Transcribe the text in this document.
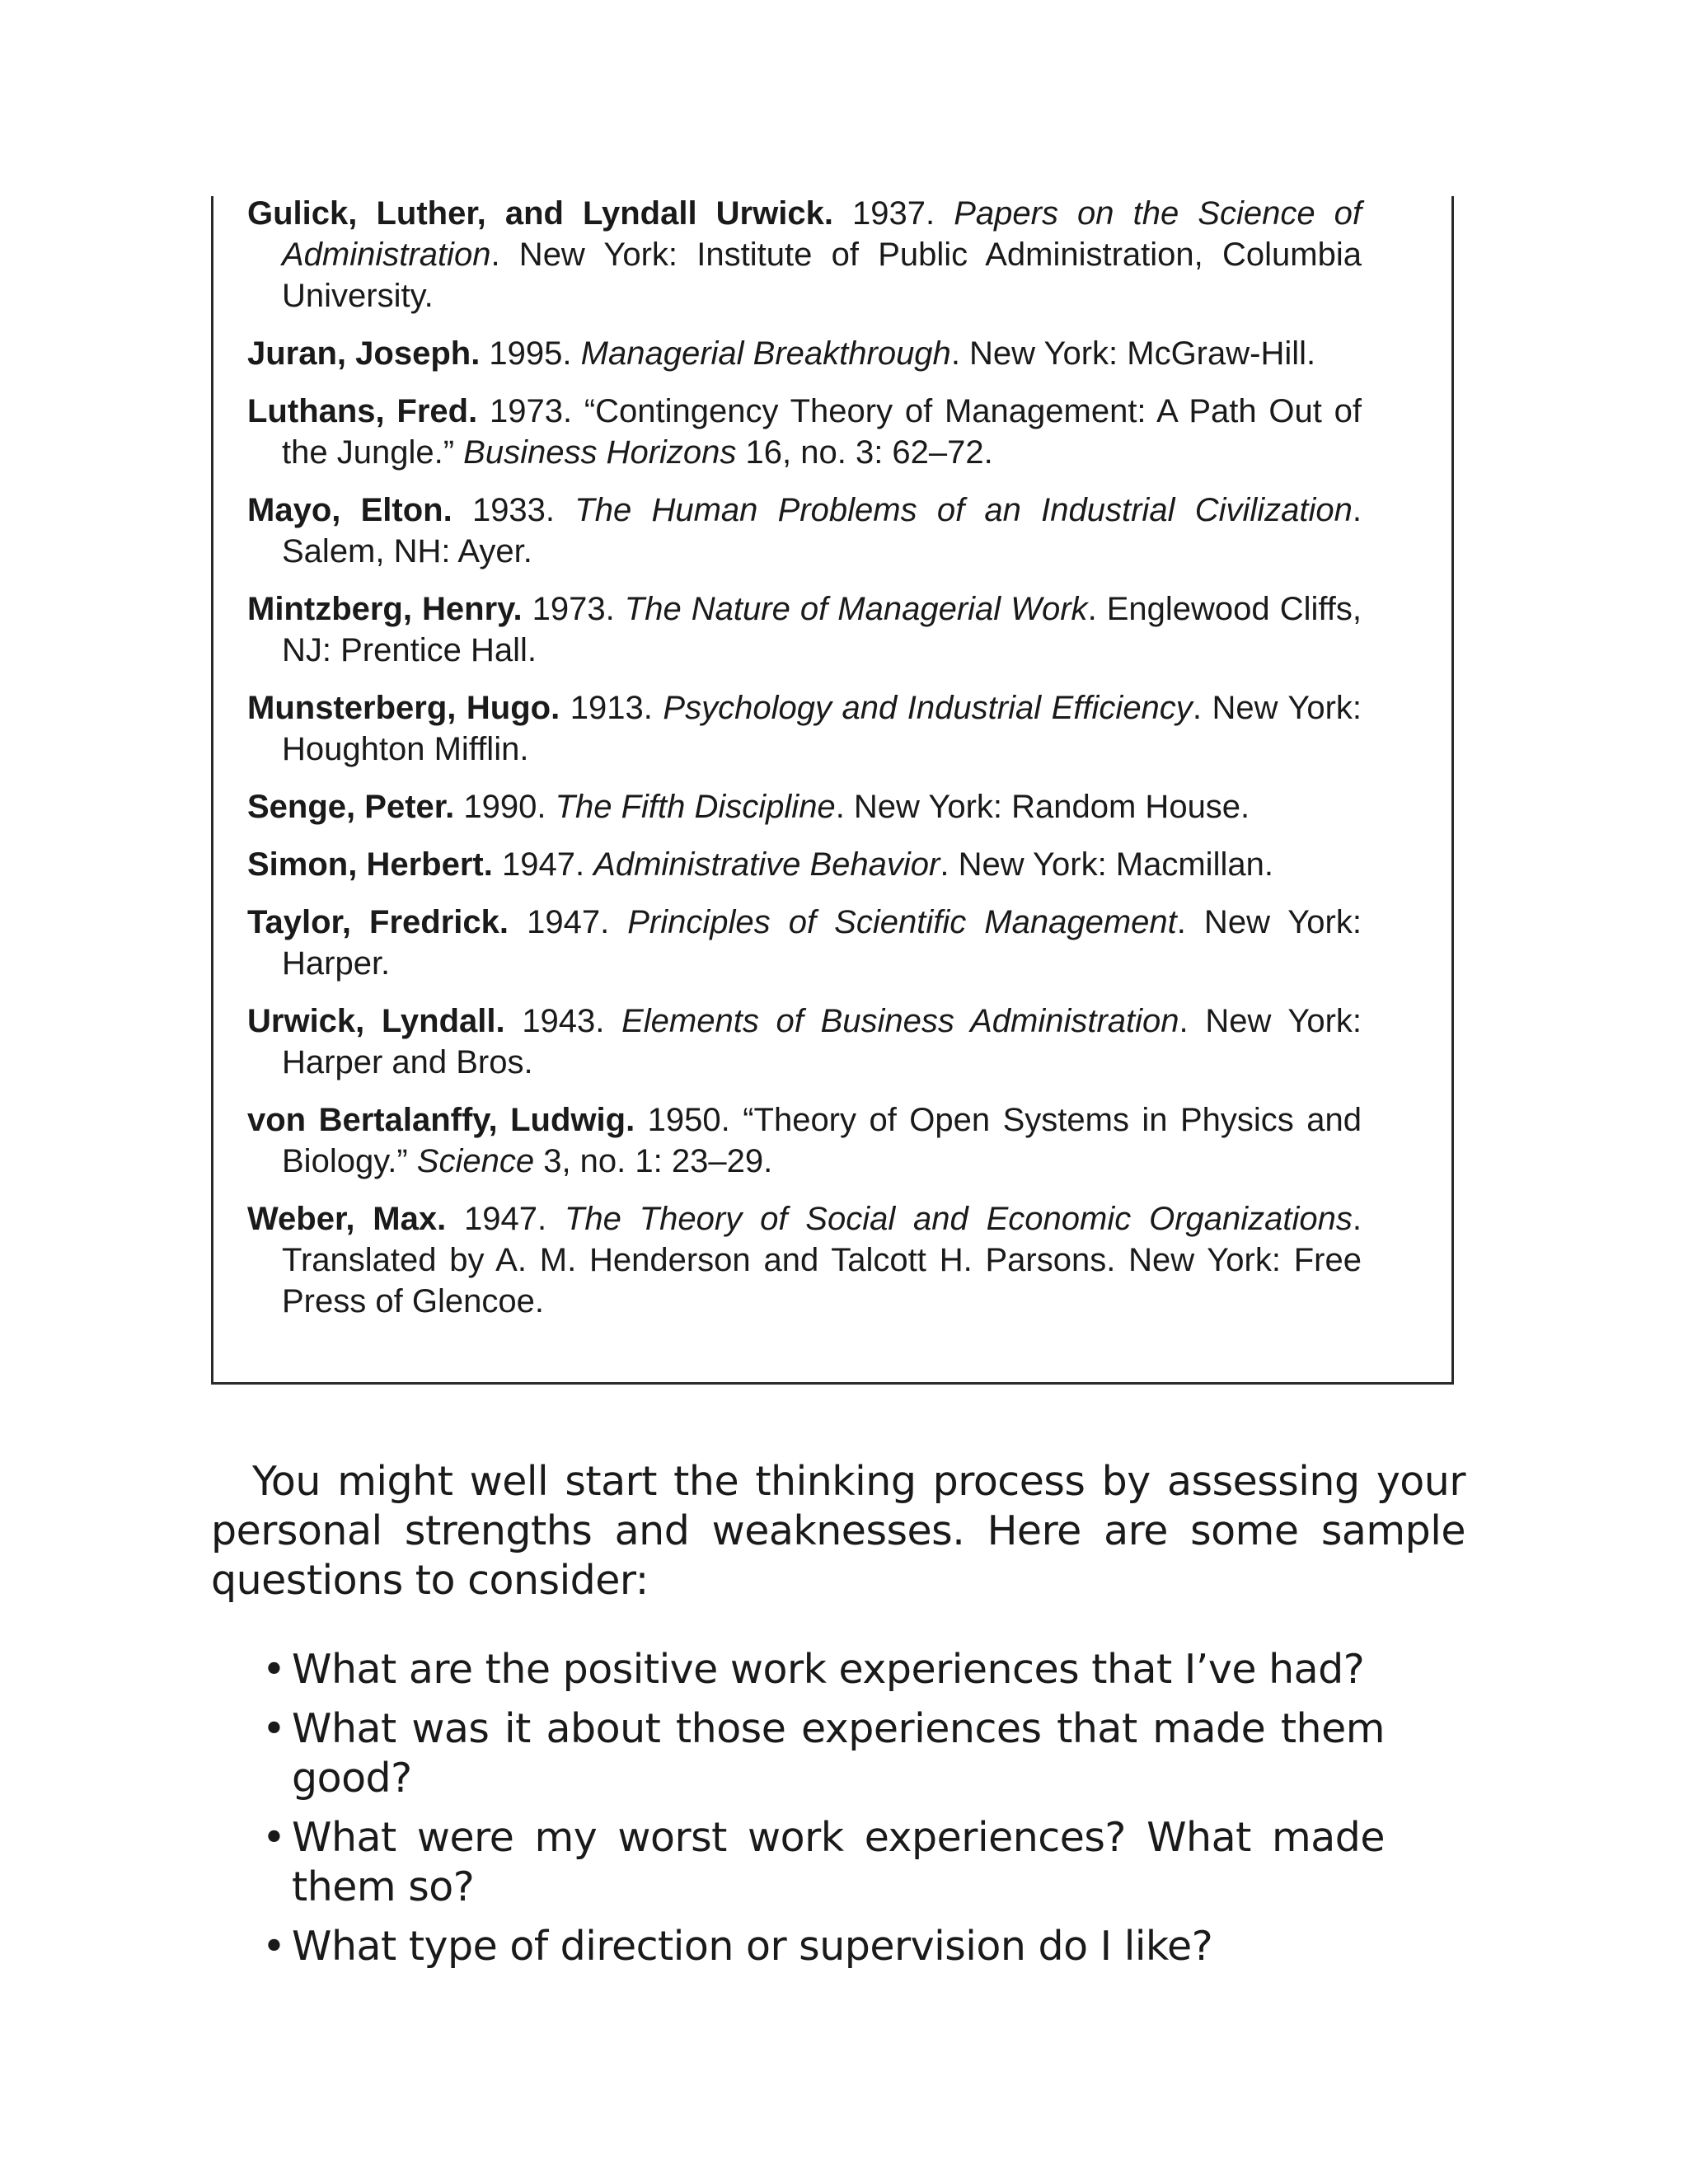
Gulick, Luther, and Lyndall Urwick. 1937. Papers on the Science of Administration. New York: Institute of Public Administration, Columbia University.
Juran, Joseph. 1995. Managerial Breakthrough. New York: McGraw-Hill.
Luthans, Fred. 1973. “Contingency Theory of Management: A Path Out of the Jungle.” Business Horizons 16, no. 3: 62–72.
Mayo, Elton. 1933. The Human Problems of an Industrial Civilization. Salem, NH: Ayer.
Mintzberg, Henry. 1973. The Nature of Managerial Work. Englewood Cliffs, NJ: Prentice Hall.
Munsterberg, Hugo. 1913. Psychology and Industrial Efficiency. New York: Houghton Mifflin.
Senge, Peter. 1990. The Fifth Discipline. New York: Random House.
Simon, Herbert. 1947. Administrative Behavior. New York: Macmillan.
Taylor, Fredrick. 1947. Principles of Scientific Management. New York: Harper.
Urwick, Lyndall. 1943. Elements of Business Administration. New York: Harper and Bros.
von Bertalanffy, Ludwig. 1950. “Theory of Open Systems in Physics and Biology.” Science 3, no. 1: 23–29.
Weber, Max. 1947. The Theory of Social and Economic Organizations. Translated by A. M. Henderson and Talcott H. Parsons. New York: Free Press of Glencoe.

You might well start the thinking process by assessing your personal strengths and weaknesses. Here are some sample questions to consider:

• What are the positive work experiences that I’ve had?
• What was it about those experiences that made them good?
• What were my worst work experiences? What made them so?
• What type of direction or supervision do I like?
